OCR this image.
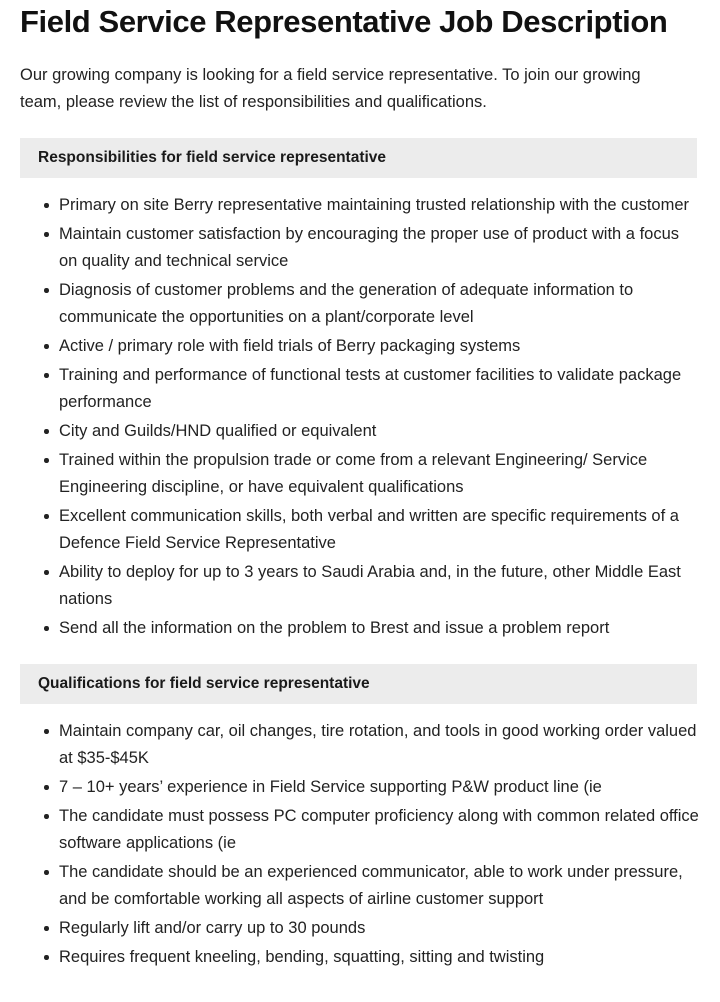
Field Service Representative Job Description

Our growing company is looking for a field service representative. To join our growing team, please review the list of responsibilities and qualifications.

Responsibilities for field service representative
Primary on site Berry representative maintaining trusted relationship with the customer
Maintain customer satisfaction by encouraging the proper use of product with a focus on quality and technical service
Diagnosis of customer problems and the generation of adequate information to communicate the opportunities on a plant/corporate level
Active / primary role with field trials of Berry packaging systems
Training and performance of functional tests at customer facilities to validate package performance
City and Guilds/HND qualified or equivalent
Trained within the propulsion trade or come from a relevant Engineering/ Service Engineering discipline, or have equivalent qualifications
Excellent communication skills, both verbal and written are specific requirements of a Defence Field Service Representative
Ability to deploy for up to 3 years to Saudi Arabia and, in the future, other Middle East nations
Send all the information on the problem to Brest and issue a problem report
Qualifications for field service representative
Maintain company car, oil changes, tire rotation, and tools in good working order valued at $35-$45K
7 – 10+ years’ experience in Field Service supporting P&W product line (ie
The candidate must possess PC computer proficiency along with common related office software applications (ie
The candidate should be an experienced communicator, able to work under pressure, and be comfortable working all aspects of airline customer support
Regularly lift and/or carry up to 30 pounds
Requires frequent kneeling, bending, squatting, sitting and twisting
